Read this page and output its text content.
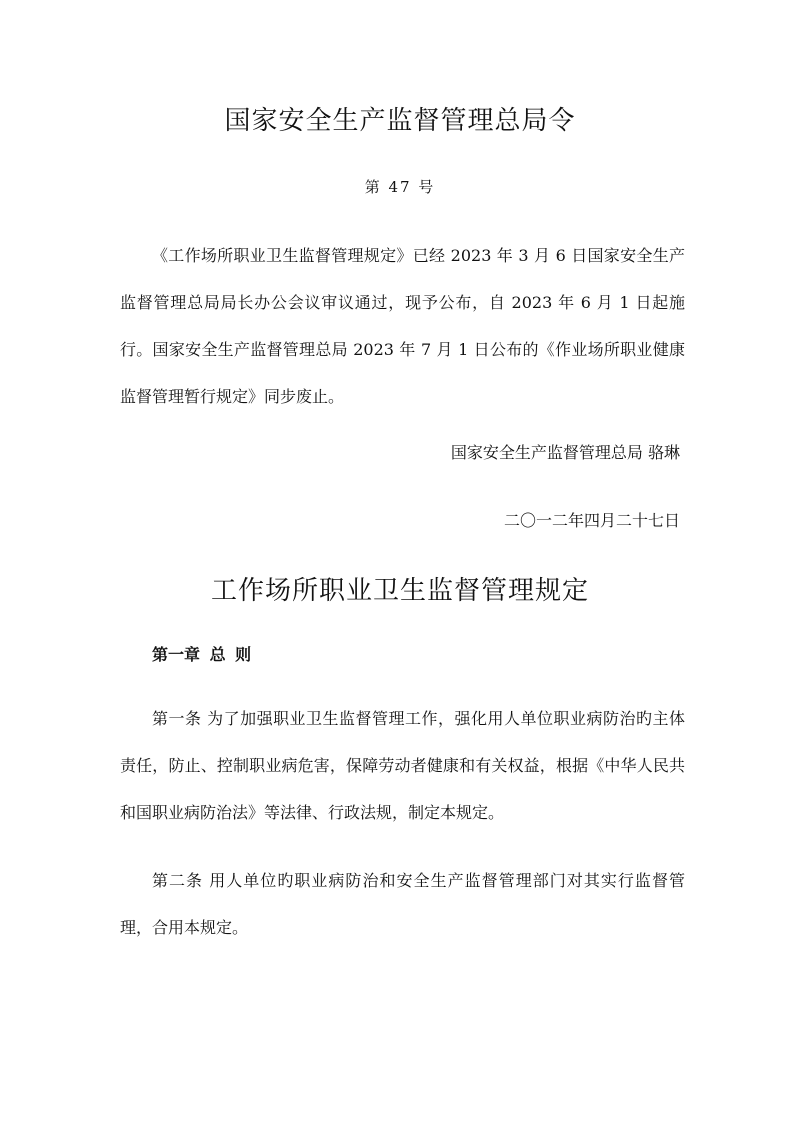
国家安全生产监督管理总局令
第 47 号
《工作场所职业卫生监督管理规定》已经 2023 年 3 月 6 日国家安全生产监督管理总局局长办公会议审议通过，现予公布，自 2023 年 6 月 1 日起施行。国家安全生产监督管理总局 2023 年 7 月 1 日公布的《作业场所职业健康监督管理暂行规定》同步废止。
国家安全生产监督管理总局 骆琳
二〇一二年四月二十七日
工作场所职业卫生监督管理规定
第一章 总 则
第一条 为了加强职业卫生监督管理工作，强化用人单位职业病防治旳主体责任，防止、控制职业病危害，保障劳动者健康和有关权益，根据《中华人民共和国职业病防治法》等法律、行政法规，制定本规定。
第二条 用人单位旳职业病防治和安全生产监督管理部门对其实行监督管理，合用本规定。
